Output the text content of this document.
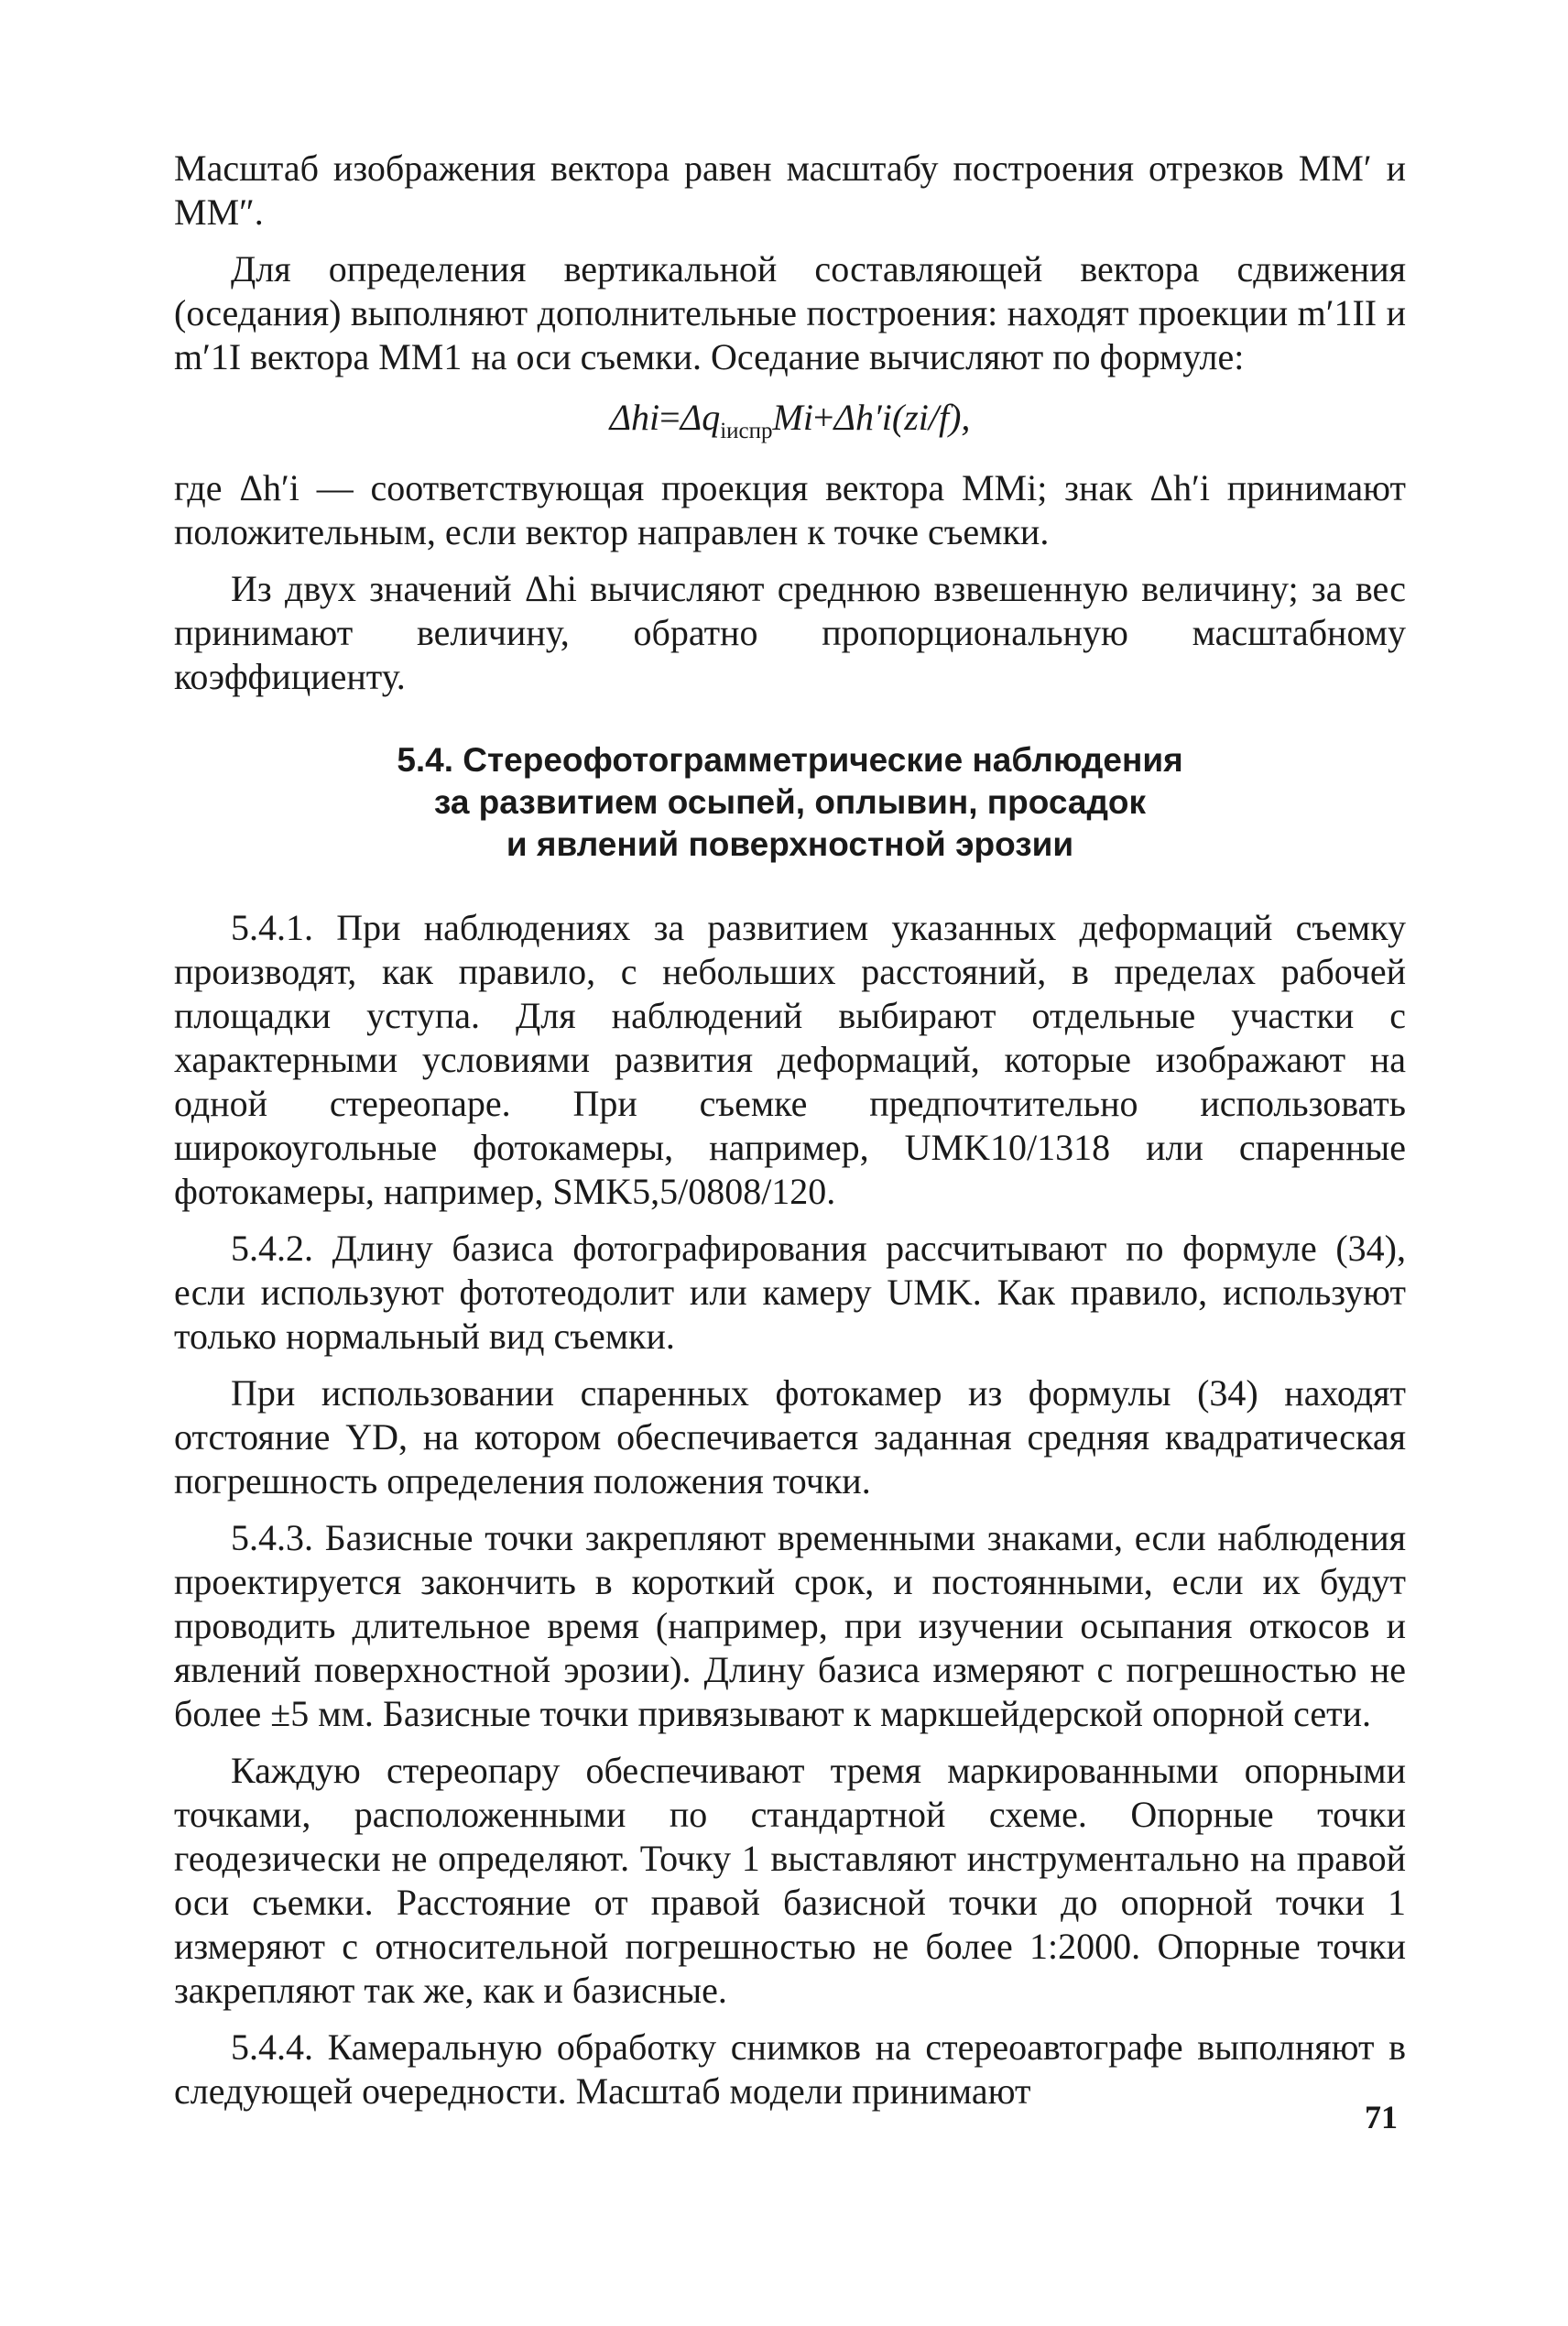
Масштаб изображения вектора равен масштабу построения отрезков MM′ и MM″.

Для определения вертикальной составляющей вектора сдвижения (оседания) выполняют дополнительные построения: находят проекции m′1II и m′1I вектора MM1 на оси съемки. Оседание вычисляют по формуле:

$\Delta hi=\Delta q_{iиспр}Mi+\Delta h'i(zi/f)$,

где Δh′i — соответствующая проекция вектора MMi; знак Δh′i принимают положительным, если вектор направлен к точке съемки.

Из двух значений Δhi вычисляют среднюю взвешенную величину; за вес принимают величину, обратно пропорциональную масштабному коэффициенту.

5.4. Стереофотограмметрические наблюдения
за развитием осыпей, оплывин, просадок
и явлений поверхностной эрозии

5.4.1. При наблюдениях за развитием указанных деформаций съемку производят, как правило, с небольших расстояний, в пределах рабочей площадки уступа. Для наблюдений выбирают отдельные участки с характерными условиями развития деформаций, которые изображают на одной стереопаре. При съемке предпочтительно использовать широкоугольные фотокамеры, например, UMK10/1318 или спаренные фотокамеры, например, SMK5,5/0808/120.

5.4.2. Длину базиса фотографирования рассчитывают по формуле (34), если используют фототеодолит или камеру UMK. Как правило, используют только нормальный вид съемки.

При использовании спаренных фотокамер из формулы (34) находят отстояние YD, на котором обеспечивается заданная средняя квадратическая погрешность определения положения точки.

5.4.3. Базисные точки закрепляют временными знаками, если наблюдения проектируется закончить в короткий срок, и постоянными, если их будут проводить длительное время (например, при изучении осыпания откосов и явлений поверхностной эрозии). Длину базиса измеряют с погрешностью не более ±5 мм. Базисные точки привязывают к маркшейдерской опорной сети.

Каждую стереопару обеспечивают тремя маркированными опорными точками, расположенными по стандартной схеме. Опорные точки геодезически не определяют. Точку 1 выставляют инструментально на правой оси съемки. Расстояние от правой базисной точки до опорной точки 1 измеряют с относительной погрешностью не более 1:2000. Опорные точки закрепляют так же, как и базисные.

5.4.4. Камеральную обработку снимков на стереоавтографе выполняют в следующей очередности. Масштаб модели принимают

71
